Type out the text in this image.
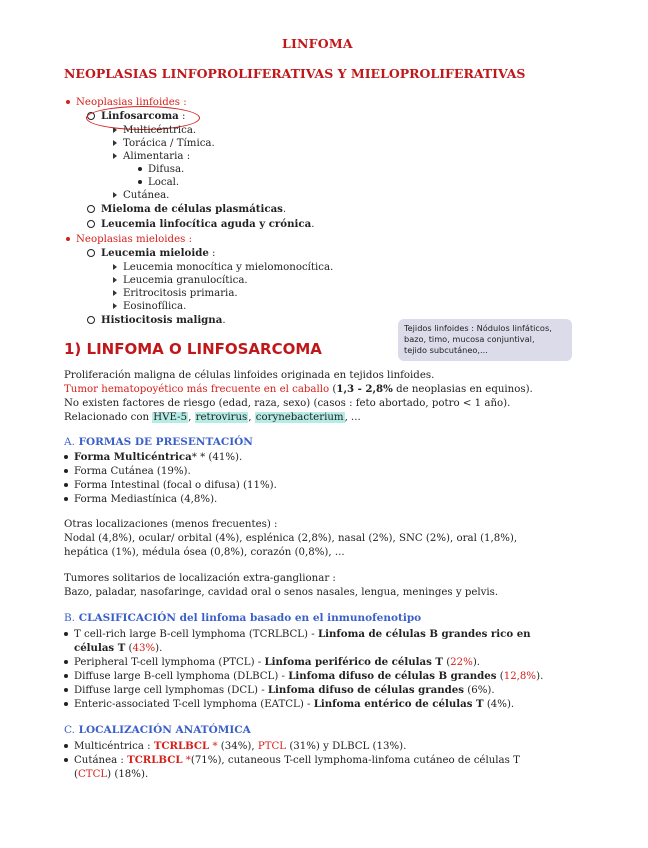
LINFOMA
NEOPLASIAS LINFOPROLIFERATIVAS Y MIELOPROLIFERATIVAS
Neoplasias linfoides :
Linfosarcoma :
Multicéntrica.
Torácica / Tímica.
Alimentaria :
Difusa.
Local.
Cutánea.
Mieloma de células plasmáticas.
Leucemia linfocítica aguda y crónica.
Neoplasias mieloides :
Leucemia mieloide :
Leucemia monocítica y mielomonocítica.
Leucemia granulocítica.
Eritrocitosis primaria.
Eosinofílica.
Histiocitosis maligna.
Tejidos linfoides : Nódulos linfáticos,
bazo, timo, mucosa conjuntival,
tejido subcutáneo,...
1) LINFOMA O LINFOSARCOMA
Proliferación maligna de células linfoides originada en tejidos linfoides.
Tumor hematopoyético más frecuente en el caballo (1,3 - 2,8% de neoplasias en equinos).
No existen factores de riesgo (edad, raza, sexo) (casos : feto abortado, potro < 1 año).
Relacionado con HVE-5, retrovirus, corynebacterium, ...
A. FORMAS DE PRESENTACIÓN
Forma Multicéntrica* * (41%).
Forma Cutánea (19%).
Forma Intestinal (focal o difusa) (11%).
Forma Mediastínica (4,8%).
Otras localizaciones (menos frecuentes) :
Nodal (4,8%), ocular/ orbital (4%), esplénica (2,8%), nasal (2%), SNC (2%), oral (1,8%),
hepática (1%), médula ósea (0,8%), corazón (0,8%), ...
Tumores solitarios de localización extra-ganglionar :
Bazo, paladar, nasofaringe, cavidad oral o senos nasales, lengua, meninges y pelvis.
B. CLASIFICACIÓN del linfoma basado en el inmunofenotipo
T cell-rich large B-cell lymphoma (TCRLBCL) - Linfoma de células B grandes rico en
células T (43%).
Peripheral T-cell lymphoma (PTCL) - Linfoma periférico de células T (22%).
Diffuse large B-cell lymphoma (DLBCL) - Linfoma difuso de células B grandes (12,8%).
Diffuse large cell lymphomas (DCL) - Linfoma difuso de células grandes (6%).
Enteric-associated T-cell lymphoma (EATCL) - Linfoma entérico de células T (4%).
C. LOCALIZACIÓN ANATÓMICA
Multicéntrica : TCRLBCL * (34%), PTCL (31%) y DLBCL (13%).
Cutánea : TCRLBCL *(71%), cutaneous T-cell lymphoma-linfoma cutáneo de células T
(CTCL) (18%).
